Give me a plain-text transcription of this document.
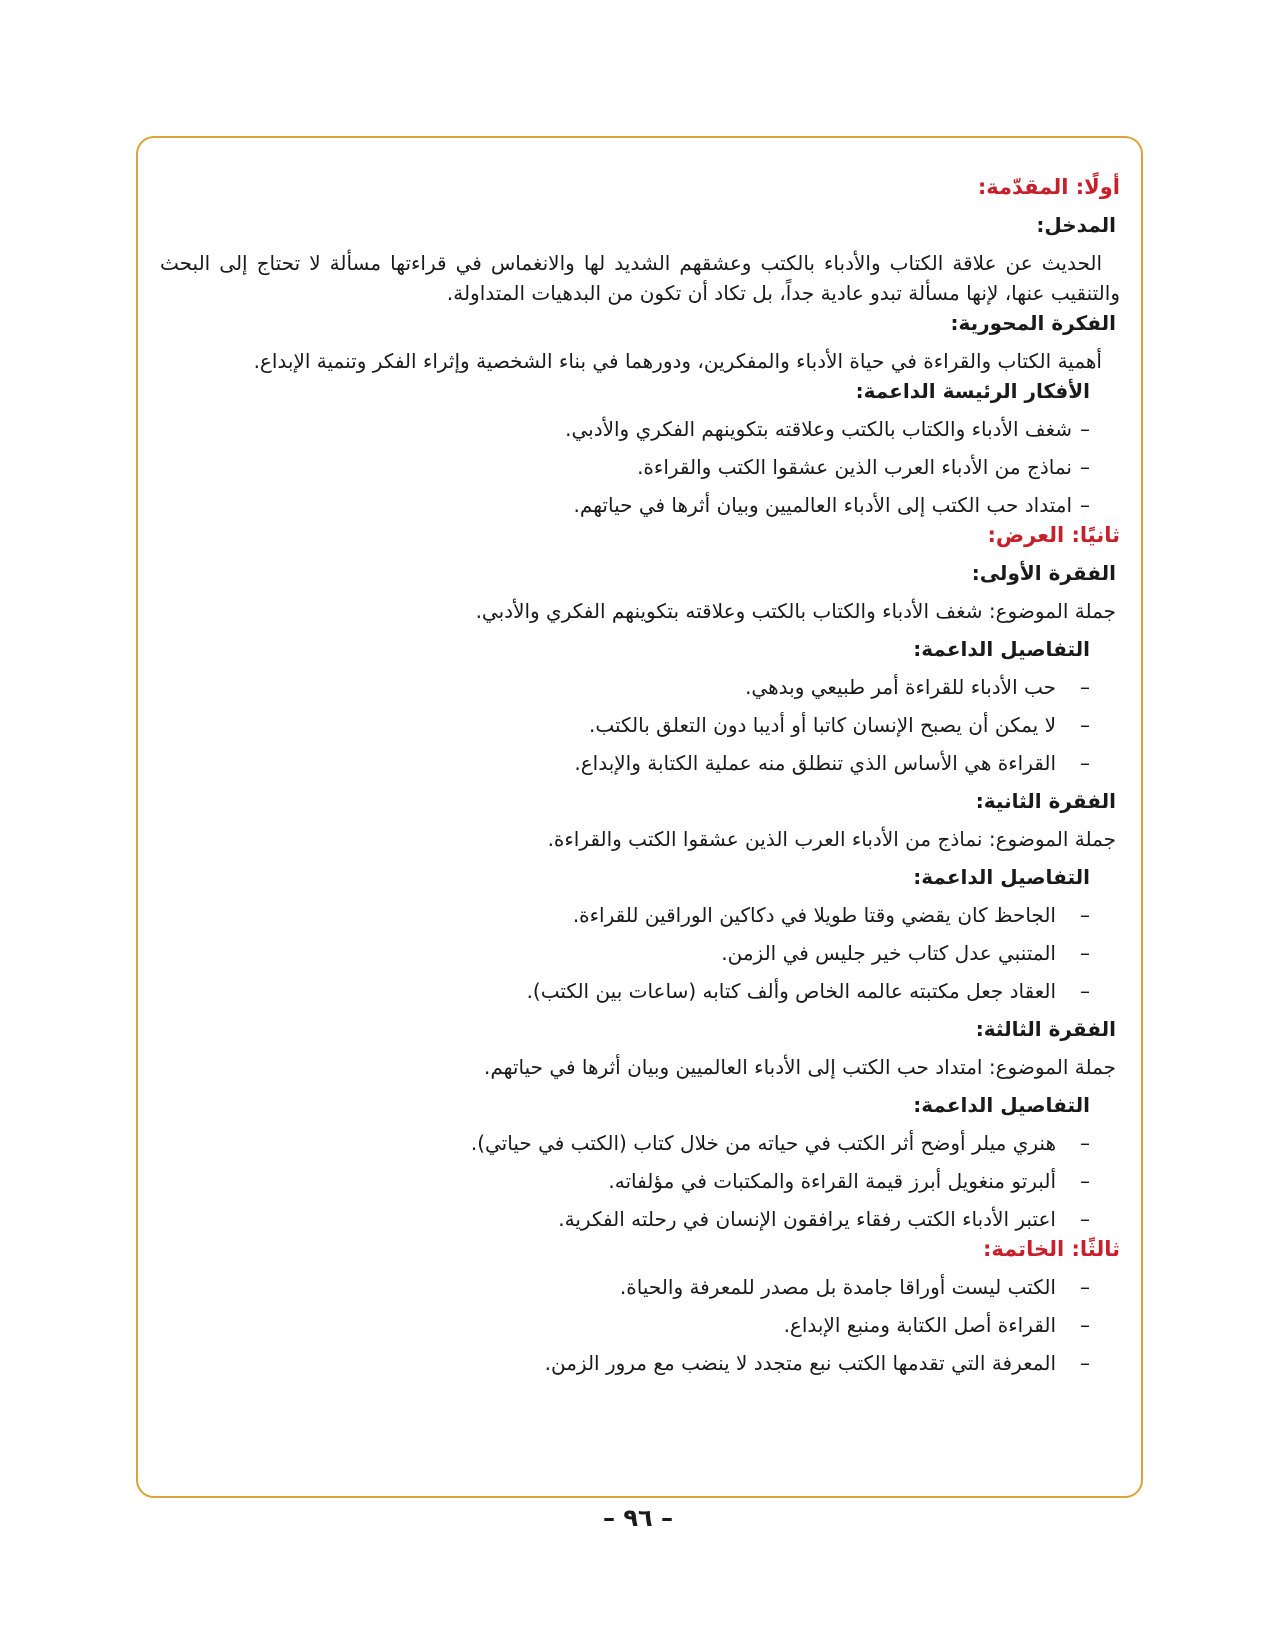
أولًا: المقدّمة:
المدخل:
الحديث عن علاقة الكتاب والأدباء بالكتب وعشقهم الشديد لها والانغماس في قراءتها مسألة لا تحتاج إلى البحث والتنقيب عنها، لإنها مسألة تبدو عادية جداً، بل تكاد أن تكون من البدهيات المتداولة.
الفكرة المحورية:
أهمية الكتاب والقراءة في حياة الأدباء والمفكرين، ودورهما في بناء الشخصية وإثراء الفكر وتنمية الإبداع.
الأفكار الرئيسة الداعمة:
–
شغف الأدباء والكتاب بالكتب وعلاقته بتكوينهم الفكري والأدبي.
–
نماذج من الأدباء العرب الذين عشقوا الكتب والقراءة.
–
امتداد حب الكتب إلى الأدباء العالميين وبيان أثرها في حياتهم.
ثانيًا: العرض:
الفقرة الأولى:
جملة الموضوع: شغف الأدباء والكتاب بالكتب وعلاقته بتكوينهم الفكري والأدبي.
التفاصيل الداعمة:
–
حب الأدباء للقراءة أمر طبيعي وبدهي.
–
لا يمكن أن يصبح الإنسان كاتبا أو أديبا دون التعلق بالكتب.
–
القراءة هي الأساس الذي تنطلق منه عملية الكتابة والإبداع.
الفقرة الثانية:
جملة الموضوع: نماذج من الأدباء العرب الذين عشقوا الكتب والقراءة.
التفاصيل الداعمة:
–
الجاحظ كان يقضي وقتا طويلا في دكاكين الوراقين للقراءة.
–
المتنبي عدل كتاب خير جليس في الزمن.
–
العقاد جعل مكتبته عالمه الخاص وألف كتابه (ساعات بين الكتب).
الفقرة الثالثة:
جملة الموضوع: امتداد حب الكتب إلى الأدباء العالميين وبيان أثرها في حياتهم.
التفاصيل الداعمة:
–
هنري ميلر أوضح أثر الكتب في حياته من خلال كتاب (الكتب في حياتي).
–
ألبرتو منغويل أبرز قيمة القراءة والمكتبات في مؤلفاته.
–
اعتبر الأدباء الكتب رفقاء يرافقون الإنسان في رحلته الفكرية.
ثالثًا: الخاتمة:
–
الكتب ليست أوراقا جامدة بل مصدر للمعرفة والحياة.
–
القراءة أصل الكتابة ومنبع الإبداع.
–
المعرفة التي تقدمها الكتب نبع متجدد لا ينضب مع مرور الزمن.
– ٩٦ –
